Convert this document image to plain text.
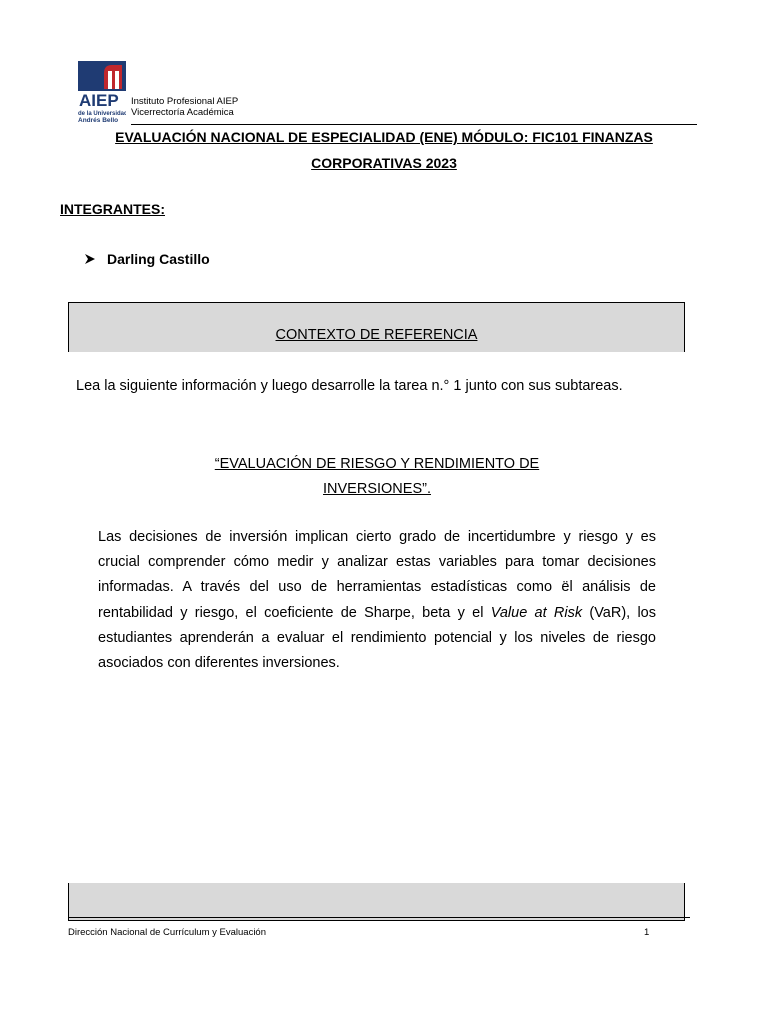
AIEP
de la Universidad
Andrés Bello
Instituto Profesional AIEP
Vicerrectoría Académica
EVALUACIÓN NACIONAL DE ESPECIALIDAD (ENE) MÓDULO: FIC101 FINANZAS
CORPORATIVAS 2023
INTEGRANTES:
Darling Castillo
CONTEXTO DE REFERENCIA
Lea la siguiente información y luego desarrolle la tarea n.° 1 junto con sus subtareas.
“EVALUACIÓN DE RIESGO Y RENDIMIENTO DE
INVERSIONES”.
Las decisiones de inversión implican cierto grado de incertidumbre y riesgo y es crucial comprender cómo medir y analizar estas variables para tomar decisiones informadas. A través del uso de herramientas estadísticas como ël análisis de rentabilidad y riesgo, el coeficiente de Sharpe, beta y el Value at Risk (VaR), los estudiantes aprenderán a evaluar el rendimiento potencial y los niveles de riesgo asociados con diferentes inversiones.
Dirección Nacional de Currículum y Evaluación	1
